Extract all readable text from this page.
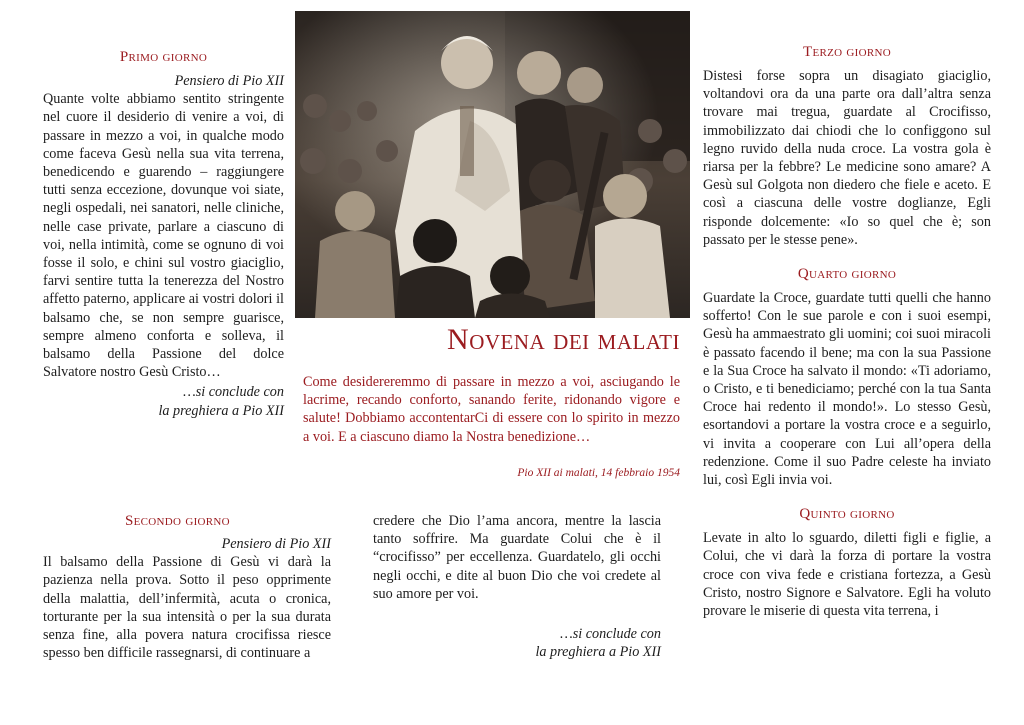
Primo giorno

Pensiero di Pio XII

Quante volte abbiamo sentito stringente nel cuore il desiderio di venire a voi, di passare in mezzo a voi, in qualche modo come faceva Gesù nella sua vita terrena, benedicendo e guarendo – raggiungere tutti senza eccezione, dovunque voi siate, negli ospedali, nei sanatori, nelle cliniche, nelle case private, parlare a ciascuno di voi, nella intimità, come se ognuno di voi fosse il solo, e chini sul vostro giaciglio, farvi sentire tutta la tenerezza del Nostro affetto paterno, applicare ai vostri dolori il balsamo che, se non sempre guarisce, sempre almeno conforta e solleva, il balsamo della Passione del dolce Salvatore nostro Gesù Cristo…

…si conclude con

la preghiera a Pio XII

Secondo giorno

Pensiero di Pio XII

Il balsamo della Passione di Gesù vi darà la pazienza nella prova. Sotto il peso opprimente della malattia, dell’infermità, acuta o cronica, torturante per la sua intensità o per la sua durata senza fine, alla povera natura crocifissa riesce spesso ben difficile rassegnarsi, di continuare a

Novena dei malati
Come desidereremmo di passare in mezzo a voi, asciugando le lacrime, recando conforto, sanando ferite, ridonando vigore e salute! Dobbiamo accontentarCi di essere con lo spirito in mezzo a voi. E a ciascuno diamo la Nostra benedizione…
Pio XII ai malati, 14 febbraio 1954

credere che Dio l’ama ancora, mentre la lascia tanto soffrire. Ma guardate Colui che è il “crocifisso” per eccellenza. Guardatelo, gli occhi negli occhi, e dite al buon Dio che voi credete al suo amore per voi.

…si conclude con

la preghiera a Pio XII

Terzo giorno

Distesi forse sopra un disagiato giaciglio, voltandovi ora da una parte ora dall’altra senza trovare mai tregua, guardate al Crocifisso, immobilizzato dai chiodi che lo configgono sul legno ruvido della nuda croce. La vostra gola è riarsa per la febbre? Le medicine sono amare? A Gesù sul Golgota non diedero che fiele e aceto. E così a ciascuna delle vostre doglianze, Egli risponde dolcemente: «Io so quel che è; son passato per le stesse pene».

Quarto giorno

Guardate la Croce, guardate tutti quelli che hanno sofferto! Con le sue parole e con i suoi esempi, Gesù ha ammaestrato gli uomini; coi suoi miracoli è passato facendo il bene; ma con la sua Passione e la Sua Croce ha salvato il mondo: «Ti adoriamo, o Cristo, e ti benediciamo; perché con la tua Santa Croce hai redento il mondo!». Lo stesso Gesù, esortandovi a portare la vostra croce e a seguirlo, vi invita a cooperare con Lui all’opera della redenzione. Come il suo Padre celeste ha inviato lui, così Egli invia voi.

Quinto giorno

Levate in alto lo sguardo, diletti figli e figlie, a Colui, che vi darà la forza di portare la vostra croce con viva fede e cristiana fortezza, a Gesù Cristo, nostro Signore e Salvatore. Egli ha voluto provare le miserie di questa vita terrena, i
